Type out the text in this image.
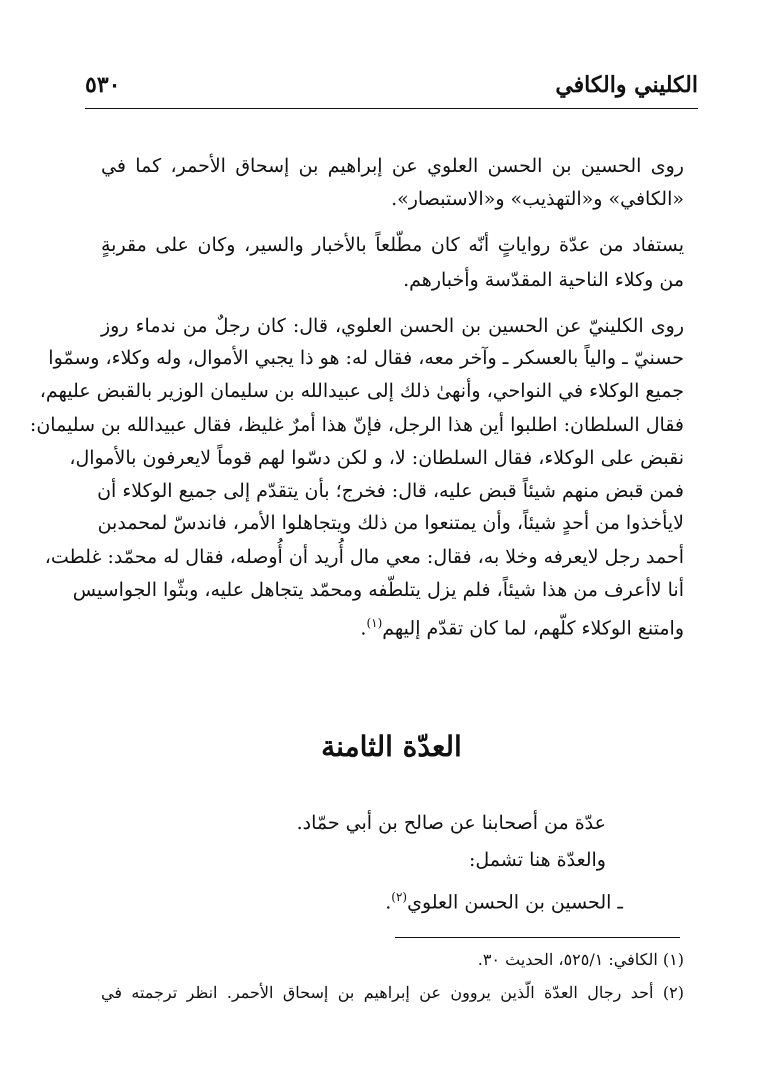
الكليني والكافي
٥٣٠
روى الحسين بن الحسن العلوي عن إبراهيم بن إسحاق الأحمر، كما في
«الكافي» و«التهذيب» و«الاستبصار».
يستفاد من عدّة رواياتٍ أنّه كان مطّلعاً بالأخبار والسير، وكان على مقربةٍ
من وكلاء الناحية المقدّسة وأخبارهم.
روى الكلينيّ عن الحسين بن الحسن العلوي، قال: كان رجلٌ من ندماء روز
حسنيّ ـ والياً بالعسكر ـ وآخر معه، فقال له: هو ذا يجبي الأموال، وله وكلاء، وسمّوا
جميع الوكلاء في النواحي، وأنهىٰ ذلك إلى عبيدالله بن سليمان الوزير بالقبض عليهم،
فقال السلطان: اطلبوا أين هذا الرجل، فإنّ هذا أمرٌ غليظ، فقال عبيدالله بن سليمان:
نقبض على الوكلاء، فقال السلطان: لا، و لكن دسّوا لهم قوماً لايعرفون بالأموال،
فمن قبض منهم شيئاً قبض عليه، قال: فخرج؛ بأن يتقدّم إلى جميع الوكلاء أن
لايأخذوا من أحدٍ شيئاً، وأن يمتنعوا من ذلك ويتجاهلوا الأمر، فاندسّ لمحمدبن
أحمد رجل لايعرفه وخلا به، فقال: معي مال أُريد أن أُوصله، فقال له محمّد: غلطت،
أنا لاأعرف من هذا شيئاً، فلم يزل يتلطّفه ومحمّد يتجاهل عليه، وبثّوا الجواسيس
وامتنع الوكلاء كلّهم، لما كان تقدّم إليهم$^{(١)}$.
العدّة الثامنة
عدّة من أصحابنا عن صالح بن أبي حمّاد.
والعدّة هنا تشمل:
ـ الحسين بن الحسن العلوي$^{(٢)}$.
(١) الكافي: ٥٢٥/١، الحديث ٣٠.
(٢) أحد رجال العدّة الّذين يروون عن إبراهيم بن إسحاق الأحمر. انظر ترجمته في
